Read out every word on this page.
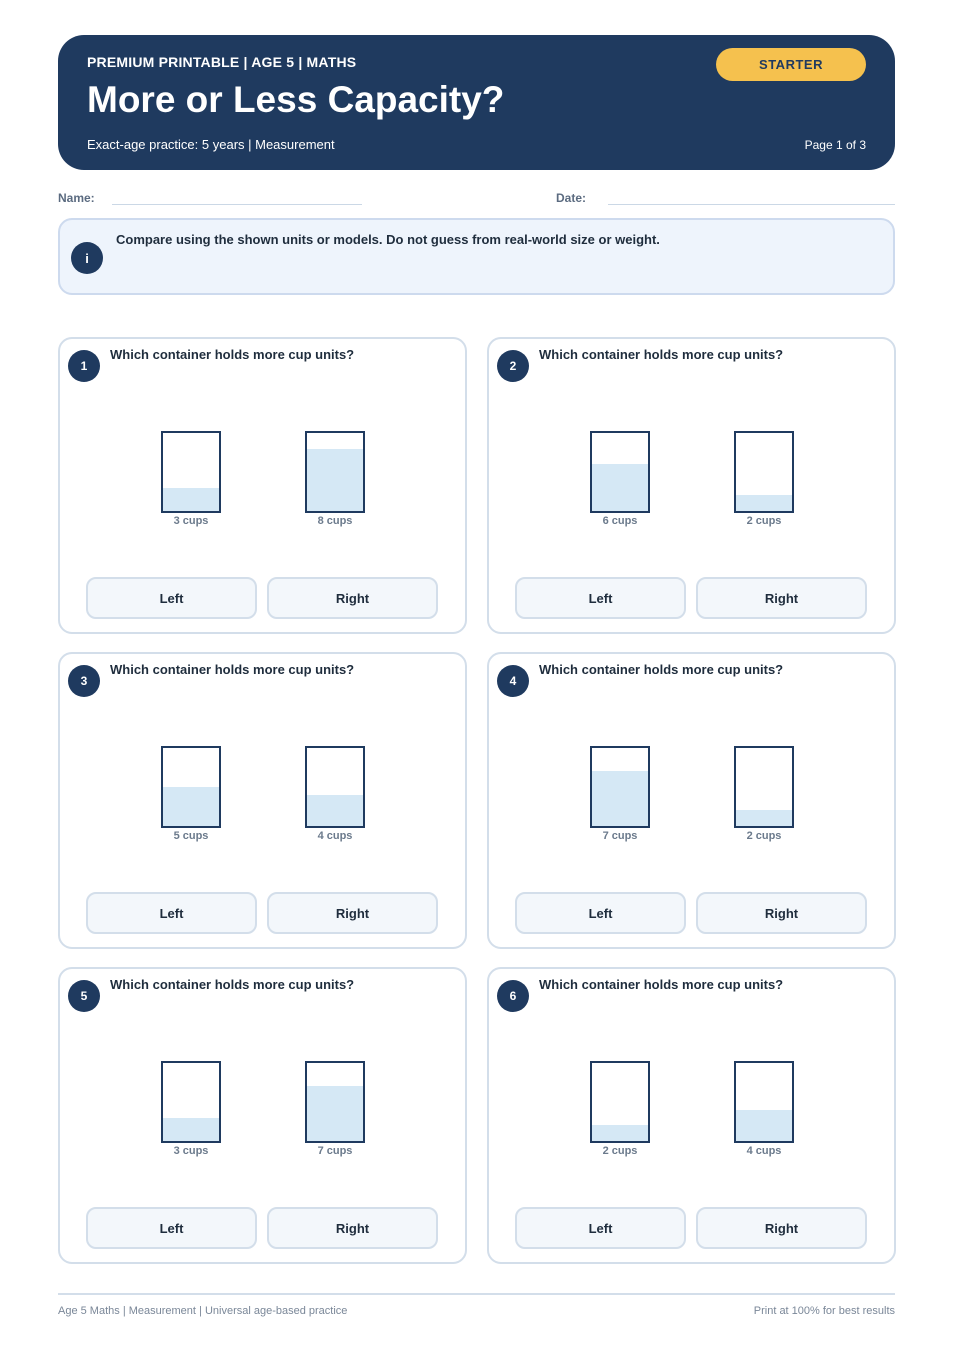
PREMIUM PRINTABLE | AGE 5 | MATHS
More or Less Capacity?
Exact-age practice: 5 years | Measurement
STARTER
Page 1 of 3
Name:	Date:
i
Compare using the shown units or models. Do not guess from real-world size or weight.
1
Which container holds more cup units?
3 cups	8 cups
Left	Right
2
Which container holds more cup units?
6 cups	2 cups
Left	Right
3
Which container holds more cup units?
5 cups	4 cups
Left	Right
4
Which container holds more cup units?
7 cups	2 cups
Left	Right
5
Which container holds more cup units?
3 cups	7 cups
Left	Right
6
Which container holds more cup units?
2 cups	4 cups
Left	Right
Age 5 Maths | Measurement | Universal age-based practice	Print at 100% for best results
